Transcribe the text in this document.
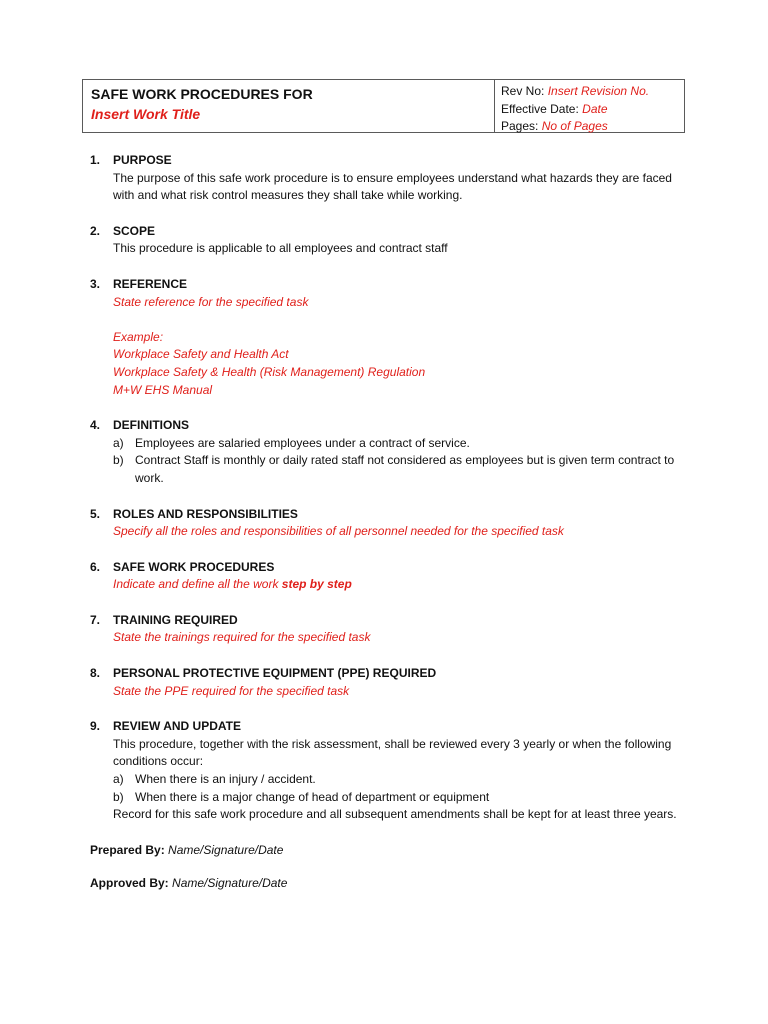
SAFE WORK PROCEDURES FOR
Insert Work Title
Rev No: Insert Revision No.
Effective Date: Date
Pages: No of Pages
1.	PURPOSE
The purpose of this safe work procedure is to ensure employees understand what hazards they are faced with and what risk control measures they shall take while working.
2.	SCOPE
This procedure is applicable to all employees and contract staff
3.	REFERENCE
State reference for the specified task
Example:
Workplace Safety and Health Act
Workplace Safety & Health (Risk Management) Regulation
M+W EHS Manual
4.	DEFINITIONS
a) Employees are salaried employees under a contract of service.
b) Contract Staff is monthly or daily rated staff not considered as employees but is given term contract to work.
5.	ROLES AND RESPONSIBILITIES
Specify all the roles and responsibilities of all personnel needed for the specified task
6.	SAFE WORK PROCEDURES
Indicate and define all the work step by step
7.	TRAINING REQUIRED
State the trainings required for the specified task
8.	PERSONAL PROTECTIVE EQUIPMENT (PPE) REQUIRED
State the PPE required for the specified task
9.	REVIEW AND UPDATE
This procedure, together with the risk assessment, shall be reviewed every 3 yearly or when the following conditions occur:
a) When there is an injury / accident.
b) When there is a major change of head of department or equipment
Record for this safe work procedure and all subsequent amendments shall be kept for at least three years.
Prepared By: Name/Signature/Date
Approved By: Name/Signature/Date
